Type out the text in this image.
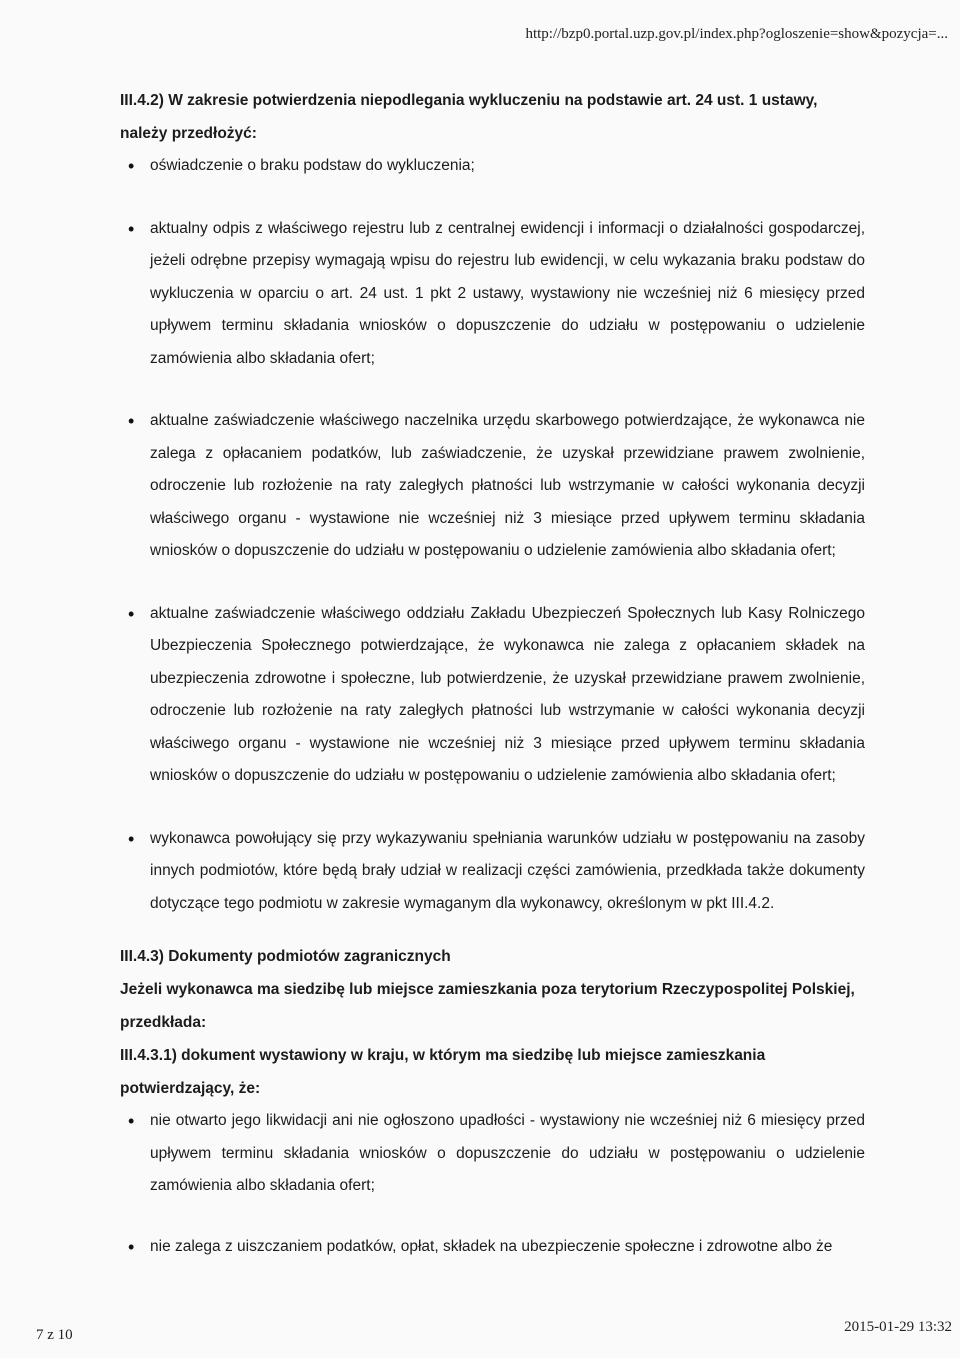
http://bzp0.portal.uzp.gov.pl/index.php?ogloszenie=show&pozycja=...

III.4.2) W zakresie potwierdzenia niepodlegania wykluczeniu na podstawie art. 24 ust. 1 ustawy, należy przedłożyć:

• oświadczenie o braku podstaw do wykluczenia;
• aktualny odpis z właściwego rejestru lub z centralnej ewidencji i informacji o działalności gospodarczej, jeżeli odrębne przepisy wymagają wpisu do rejestru lub ewidencji, w celu wykazania braku podstaw do wykluczenia w oparciu o art. 24 ust. 1 pkt 2 ustawy, wystawiony nie wcześniej niż 6 miesięcy przed upływem terminu składania wniosków o dopuszczenie do udziału w postępowaniu o udzielenie zamówienia albo składania ofert;
• aktualne zaświadczenie właściwego naczelnika urzędu skarbowego potwierdzające, że wykonawca nie zalega z opłacaniem podatków, lub zaświadczenie, że uzyskał przewidziane prawem zwolnienie, odroczenie lub rozłożenie na raty zaległych płatności lub wstrzymanie w całości wykonania decyzji właściwego organu - wystawione nie wcześniej niż 3 miesiące przed upływem terminu składania wniosków o dopuszczenie do udziału w postępowaniu o udzielenie zamówienia albo składania ofert;
• aktualne zaświadczenie właściwego oddziału Zakładu Ubezpieczeń Społecznych lub Kasy Rolniczego Ubezpieczenia Społecznego potwierdzające, że wykonawca nie zalega z opłacaniem składek na ubezpieczenia zdrowotne i społeczne, lub potwierdzenie, że uzyskał przewidziane prawem zwolnienie, odroczenie lub rozłożenie na raty zaległych płatności lub wstrzymanie w całości wykonania decyzji właściwego organu - wystawione nie wcześniej niż 3 miesiące przed upływem terminu składania wniosków o dopuszczenie do udziału w postępowaniu o udzielenie zamówienia albo składania ofert;
• wykonawca powołujący się przy wykazywaniu spełniania warunków udziału w postępowaniu na zasoby innych podmiotów, które będą brały udział w realizacji części zamówienia, przedkłada także dokumenty dotyczące tego podmiotu w zakresie wymaganym dla wykonawcy, określonym w pkt III.4.2.

III.4.3) Dokumenty podmiotów zagranicznych

Jeżeli wykonawca ma siedzibę lub miejsce zamieszkania poza terytorium Rzeczypospolitej Polskiej, przedkłada:

III.4.3.1) dokument wystawiony w kraju, w którym ma siedzibę lub miejsce zamieszkania potwierdzający, że:

• nie otwarto jego likwidacji ani nie ogłoszono upadłości - wystawiony nie wcześniej niż 6 miesięcy przed upływem terminu składania wniosków o dopuszczenie do udziału w postępowaniu o udzielenie zamówienia albo składania ofert;
• nie zalega z uiszczaniem podatków, opłat, składek na ubezpieczenie społeczne i zdrowotne albo że
7 z 10	2015-01-29 13:32
